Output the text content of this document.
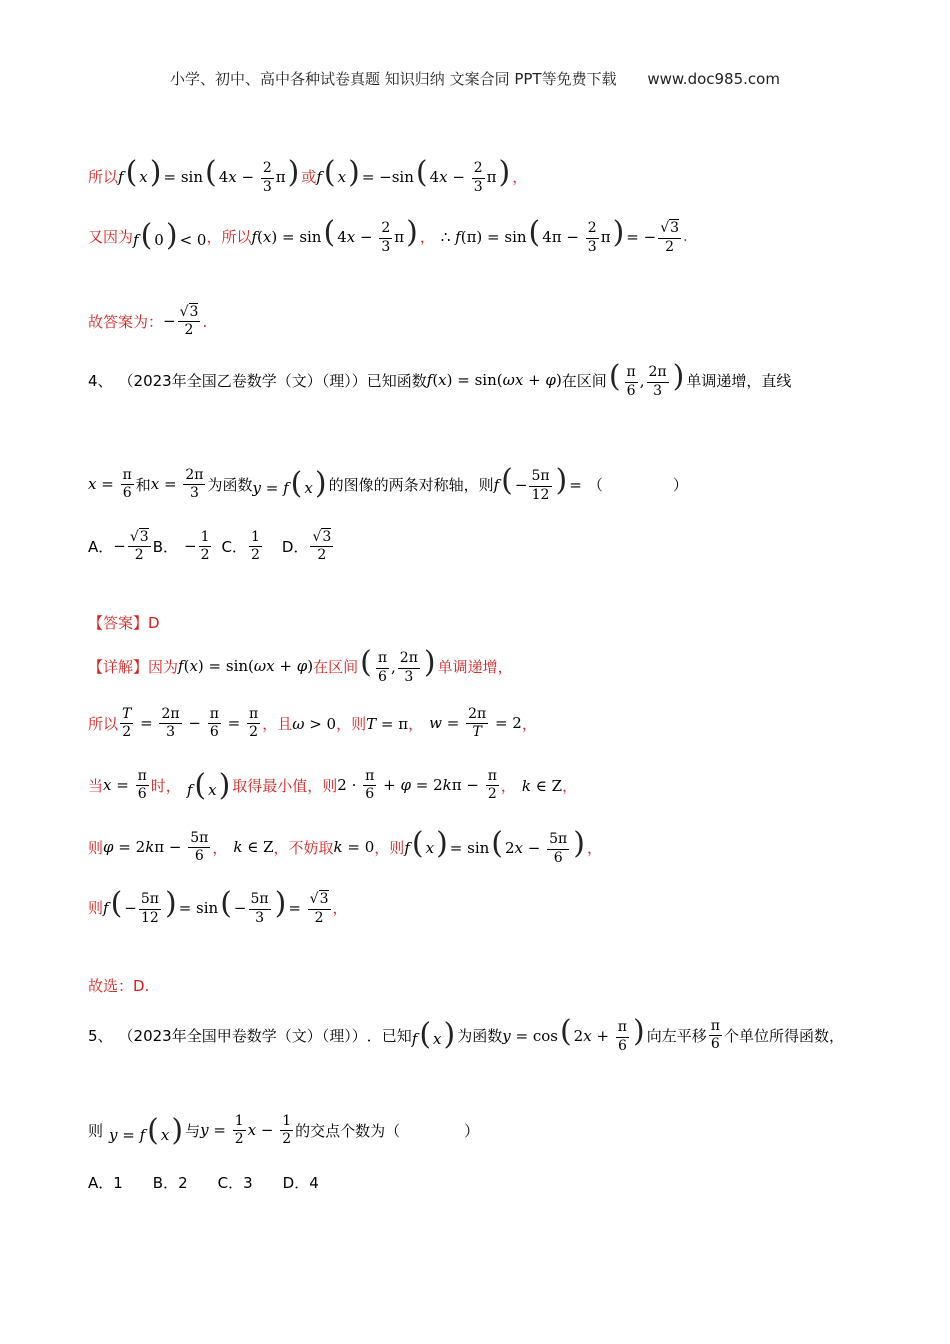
小学、初中、高中各种试卷真题 知识归纳 文案合同 PPT等免费下载 www.doc985.com
所以 f( x) = sin( $4x - \frac{2}{3} \pi$) 或 f( x) = −sin( $4x - \frac{2}{3} \pi$) ，
又因为 f( 0) < 0 ，所以 f(x) = sin( $4x - \frac{2}{3} \pi$) ， ∴ f(π) = sin( $4\pi - \frac{2}{3} \pi$) = − $\frac{√3}{2}$ .
故答案为： − $\frac{√3}{2}$ .
4、 （2023年全国乙卷数学（文）（理）） 已知函数 f(x) = sin(ωx + φ) 在区间 ( $\frac{\pi}{6}$ , $\frac{2\pi}{3}$ ) 单调递增，直线
$x = \frac{\pi}{6}$ 和 $x = \frac{2\pi}{3}$ 为函数 y = f( x) 的图像的两条对称轴，则 $f( - \frac{5\pi}{12}$ ) = （	）
A． − $\frac{√3}{2}$ B． − $\frac{1}{2}$ C． $\frac{1}{2}$ D． $\frac{√3}{2}$
【答案】D
【详解】 因为 f(x) = sin(ωx + φ) 在区间 ( $\frac{\pi}{6}$ , $\frac{2\pi}{3}$ ) 单调递增，
所以 $\frac{T}{2} = \frac{2\pi}{3} - \frac{\pi}{6} = \frac{\pi}{2}$ ，且 ω > 0 ，则 T = π ， $w = \frac{2\pi}{T} = 2$ ，
当 $x = \frac{\pi}{6}$ 时， f( x) 取得最小值，则 $2 \cdot \frac{\pi}{6} + \varphi = 2k\pi - \frac{\pi}{2}$ ， k ∈ Z ，
则 $\varphi = 2k\pi - \frac{5\pi}{6}$ ， k ∈ Z ，不妨取 k = 0 ，则 f( x) = sin( $2x - \frac{5\pi}{6}$ ) ，
则 $f( - \frac{5\pi}{12}$ ) = $\sin( - \frac{5\pi}{3}$ ) = $\frac{√3}{2}$ ，
故选：D.
5、 （2023年全国甲卷数学（文）（理）） ．已知 f( x) 为函数 y = cos( $2x + \frac{\pi}{6}$ ) 向左平移 $\frac{\pi}{6}$ 个单位所得函数，
则 y = f( x) 与 $y = \frac{1}{2}$ $x - \frac{1}{2}$ 的交点个数为（	）
A．1　　B．2　　C．3　　D．4
